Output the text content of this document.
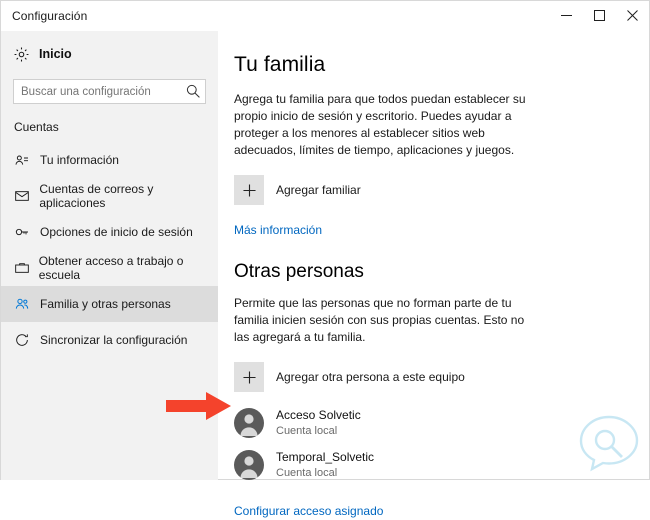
Configuración
Inicio
Buscar una configuración
Cuentas
Tu información
Cuentas de correos y aplicaciones
Opciones de inicio de sesión
Obtener acceso a trabajo o escuela
Familia y otras personas
Sincronizar la configuración
Tu familia

Agrega tu familia para que todos puedan establecer su propio inicio de sesión y escritorio. Puedes ayudar a proteger a los menores al establecer sitios web adecuados, límites de tiempo, aplicaciones y juegos.

Agregar familiar
Más información
Otras personas

Permite que las personas que no forman parte de tu familia inicien sesión con sus propias cuentas. Esto no las agregará a tu familia.

Agregar otra persona a este equipo
Acceso Solvetic
Cuenta local
Temporal_Solvetic
Cuenta local
Configurar acceso asignado
